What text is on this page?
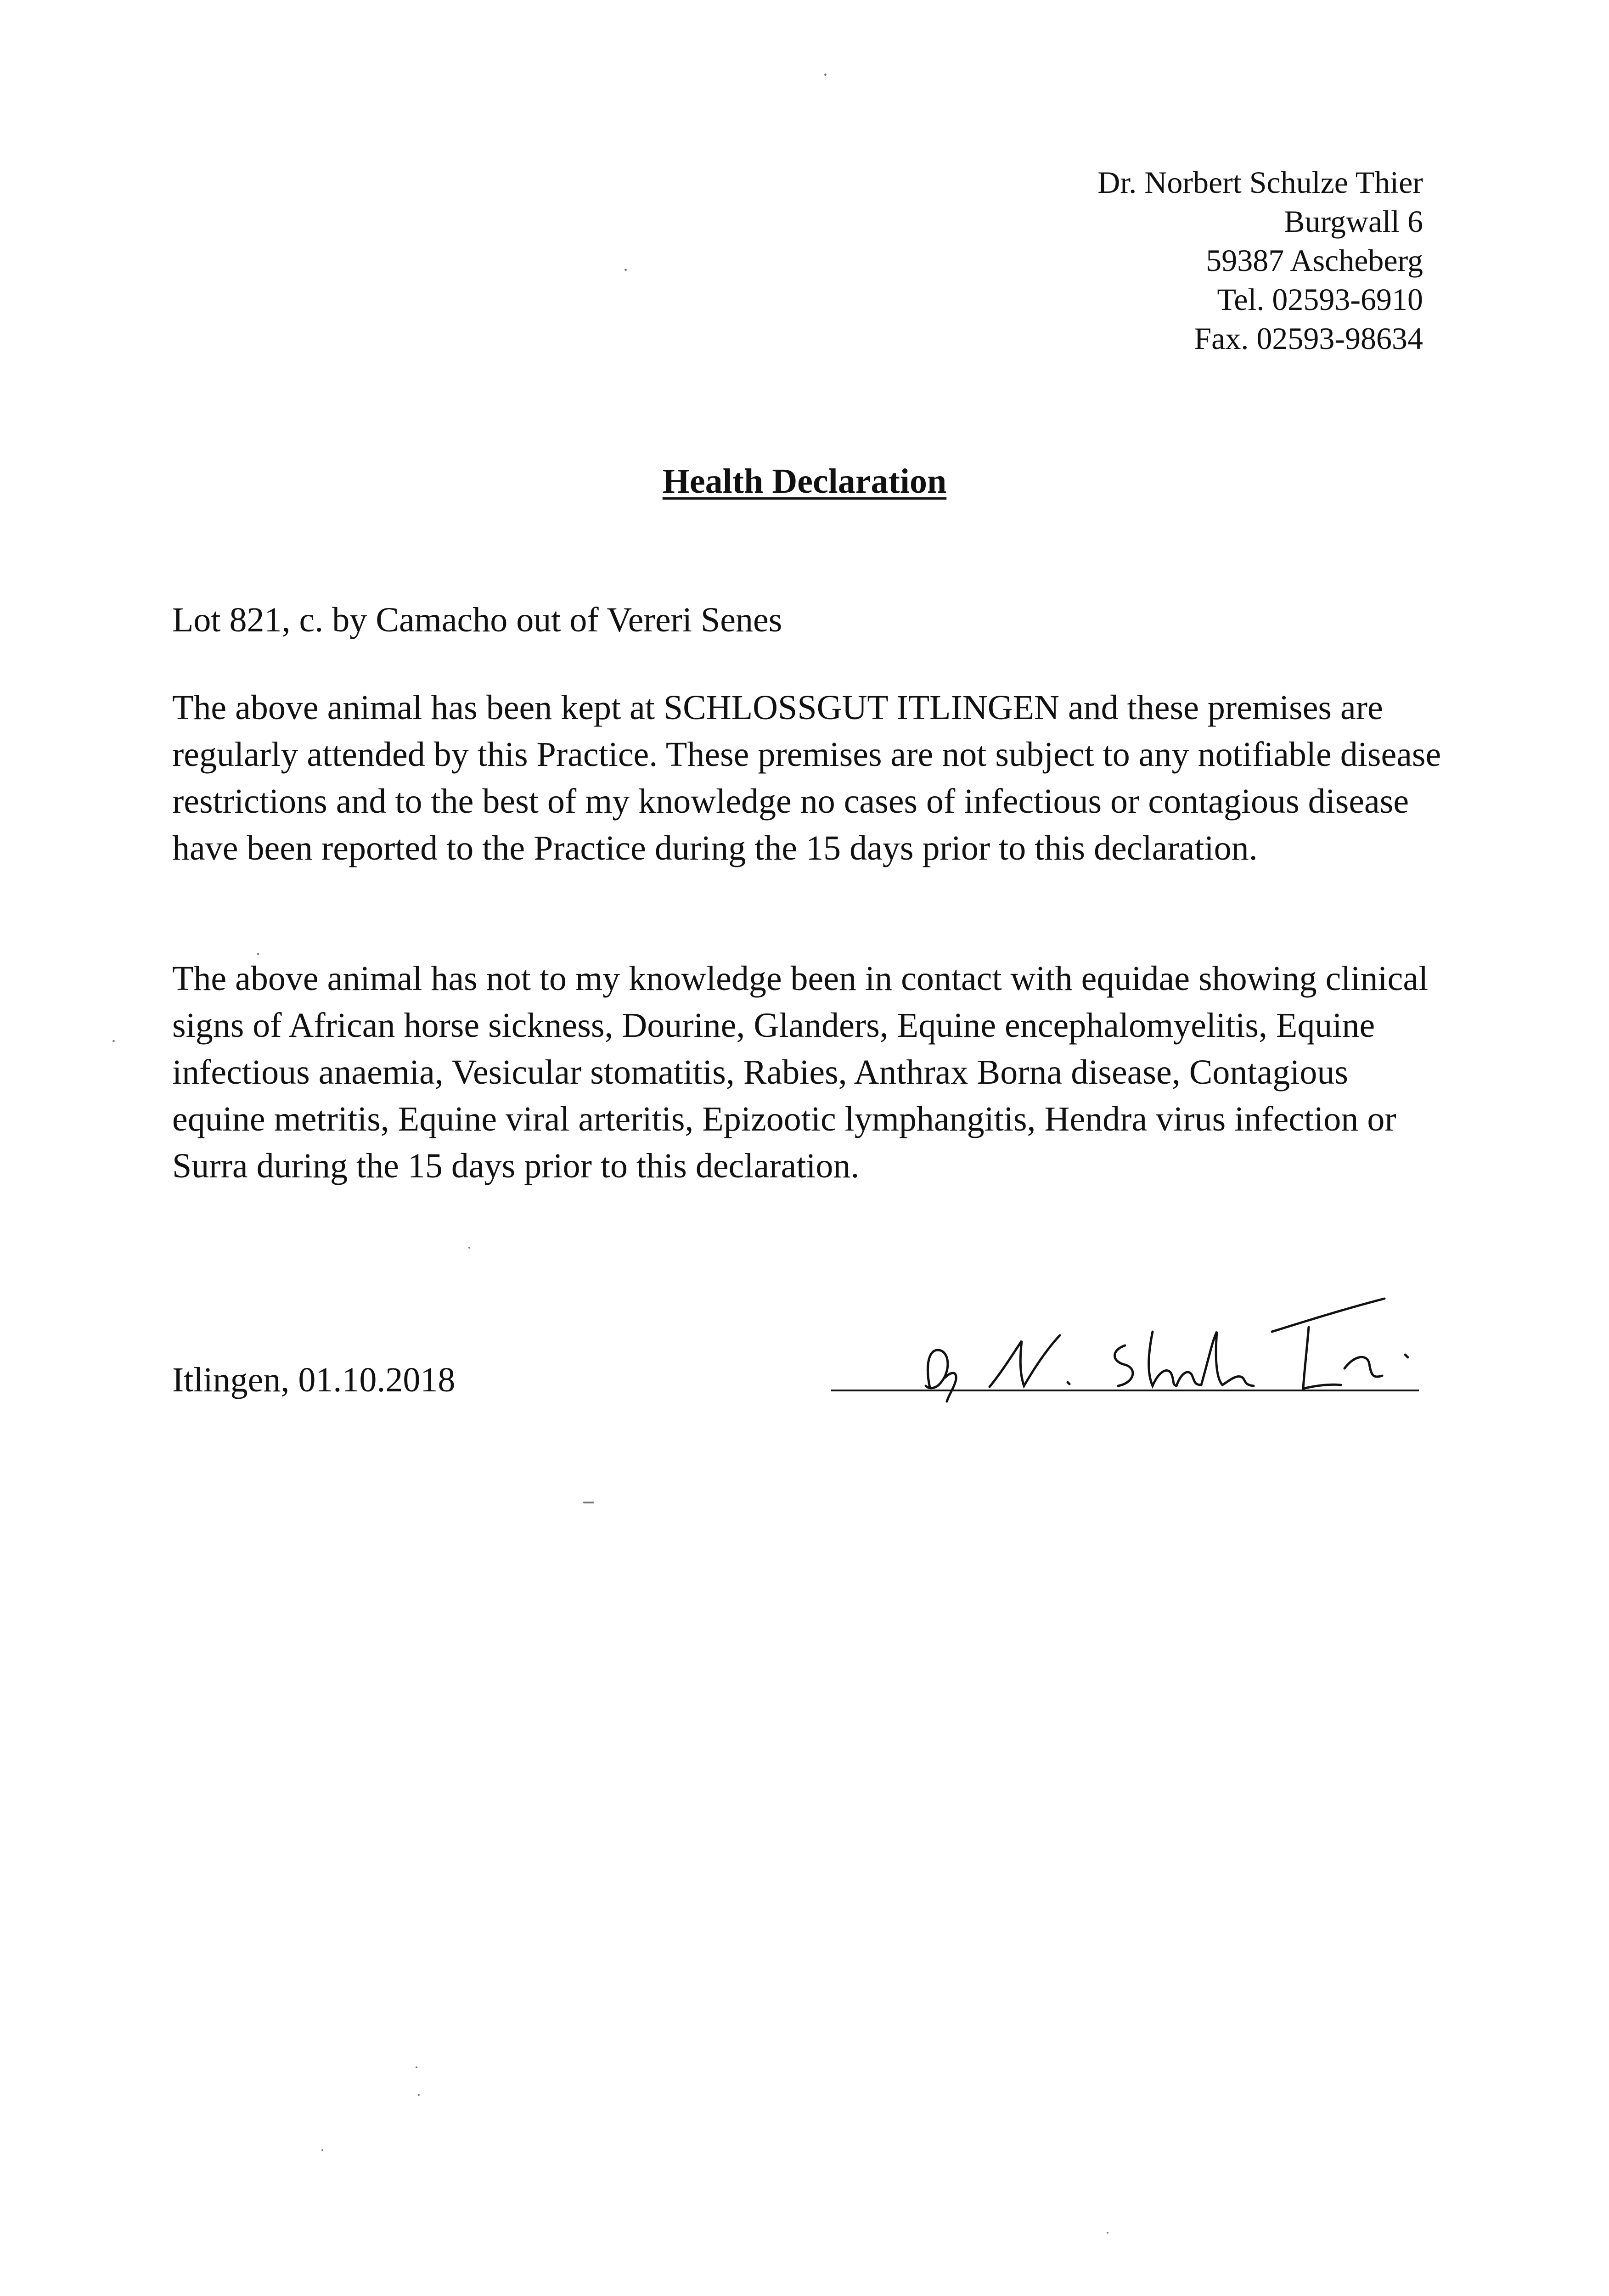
Dr. Norbert Schulze Thier
Burgwall 6
59387 Ascheberg
Tel. 02593-6910
Fax. 02593-98634
Health Declaration
Lot 821, c. by Camacho out of Vereri Senes
The above animal has been kept at SCHLOSSGUT ITLINGEN and these premises are regularly attended by this Practice. These premises are not subject to any notifiable disease restrictions and to the best of my knowledge no cases of infectious or contagious disease have been reported to the Practice during the 15 days prior to this declaration.
The above animal has not to my knowledge been in contact with equidae showing clinical signs of African horse sickness, Dourine, Glanders, Equine encephalomyelitis, Equine infectious anaemia, Vesicular stomatitis, Rabies, Anthrax Borna disease, Contagious equine metritis, Equine viral arteritis, Epizootic lymphangitis, Hendra virus infection or Surra during the 15 days prior to this declaration.
Itlingen, 01.10.2018
